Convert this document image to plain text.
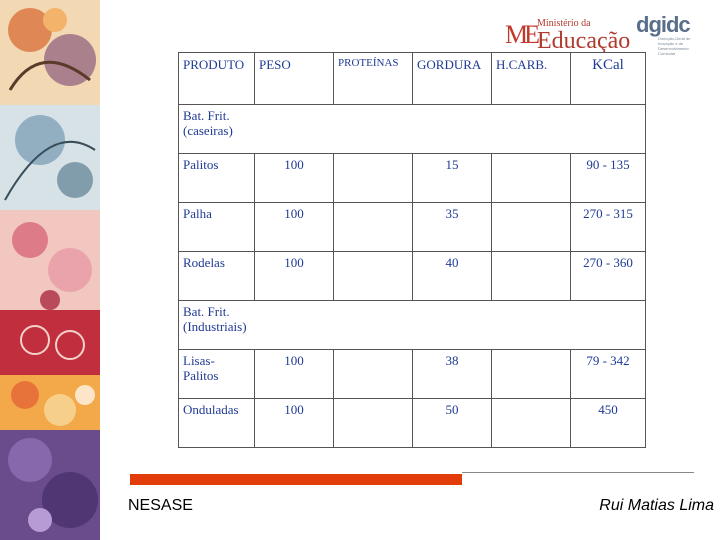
ME Ministério da
Educação
dgidc
Direcção-Geral de Inovação e de Desenvolvimento Curricular
PRODUTO	PESO	PROTEÍNAS	GORDURA	H.CARB.	KCal
Bat. Frit. (caseiras)					
Palitos	100		15		90 - 135
Palha	100		35		270 - 315
Rodelas	100		40		270 - 360
Bat. Frit. (Industriais)					
Lisas-Palitos	100		38		79 - 342
Onduladas	100		50		450
NESASE	Rui Matias Lima
